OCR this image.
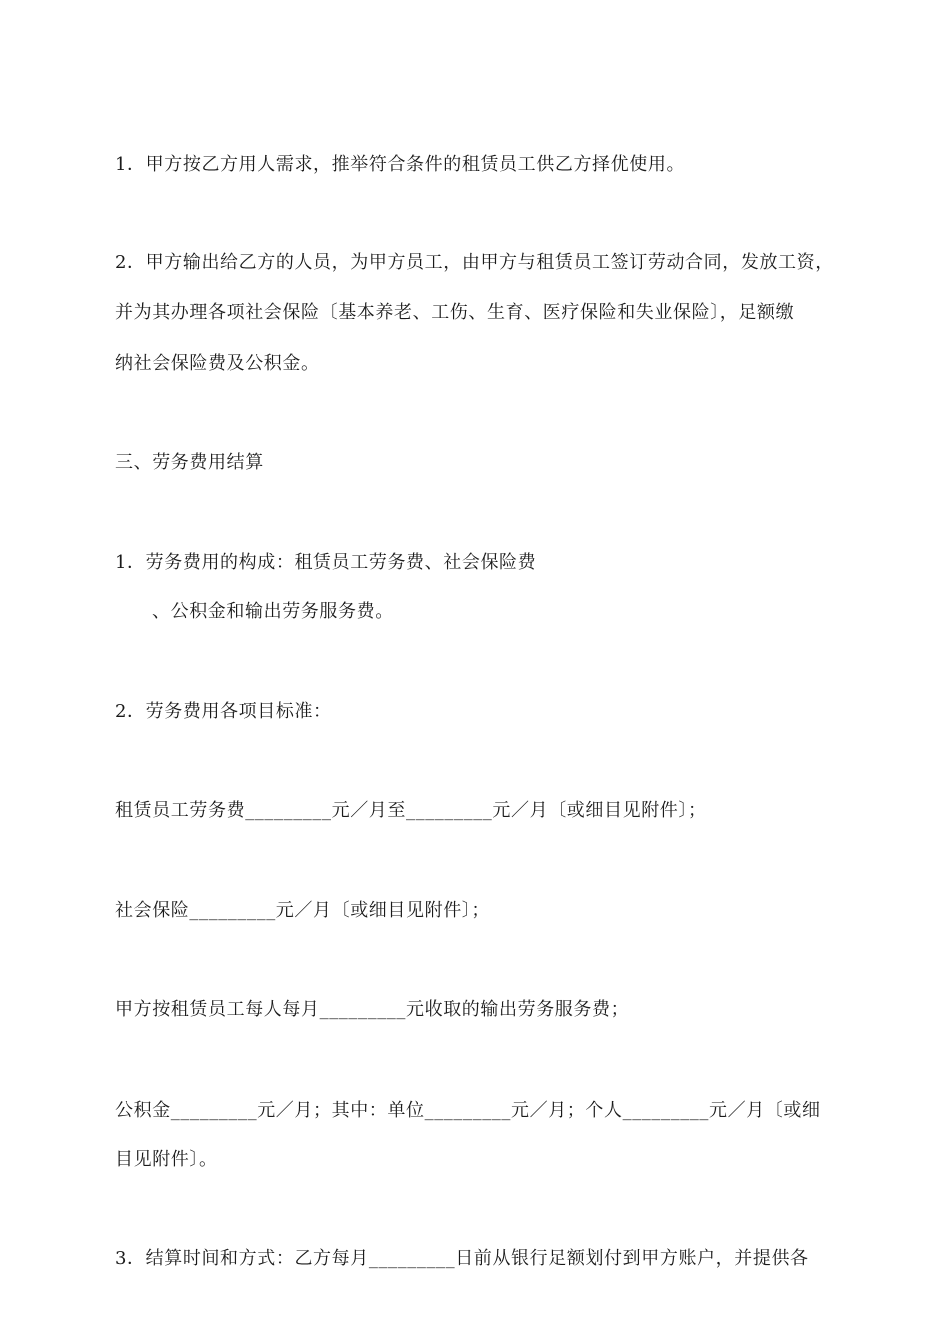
1．甲方按乙方用人需求，推举符合条件的租赁员工供乙方择优使用。
2．甲方输出给乙方的人员，为甲方员工，由甲方与租赁员工签订劳动合同，发放工资，
并为其办理各项社会保险〔基本养老、工伤、生育、医疗保险和失业保险〕，足额缴
纳社会保险费及公积金。
三、劳务费用结算
1．劳务费用的构成：租赁员工劳务费、社会保险费
、公积金和输出劳务服务费。
2．劳务费用各项目标准：
租赁员工劳务费_________元／月至_________元／月〔或细目见附件〕；
社会保险_________元／月〔或细目见附件〕；
甲方按租赁员工每人每月_________元收取的输出劳务服务费；
公积金_________元／月；其中：单位_________元／月；个人_________元／月〔或细
目见附件〕。
3．结算时间和方式：乙方每月_________日前从银行足额划付到甲方账户，并提供各
